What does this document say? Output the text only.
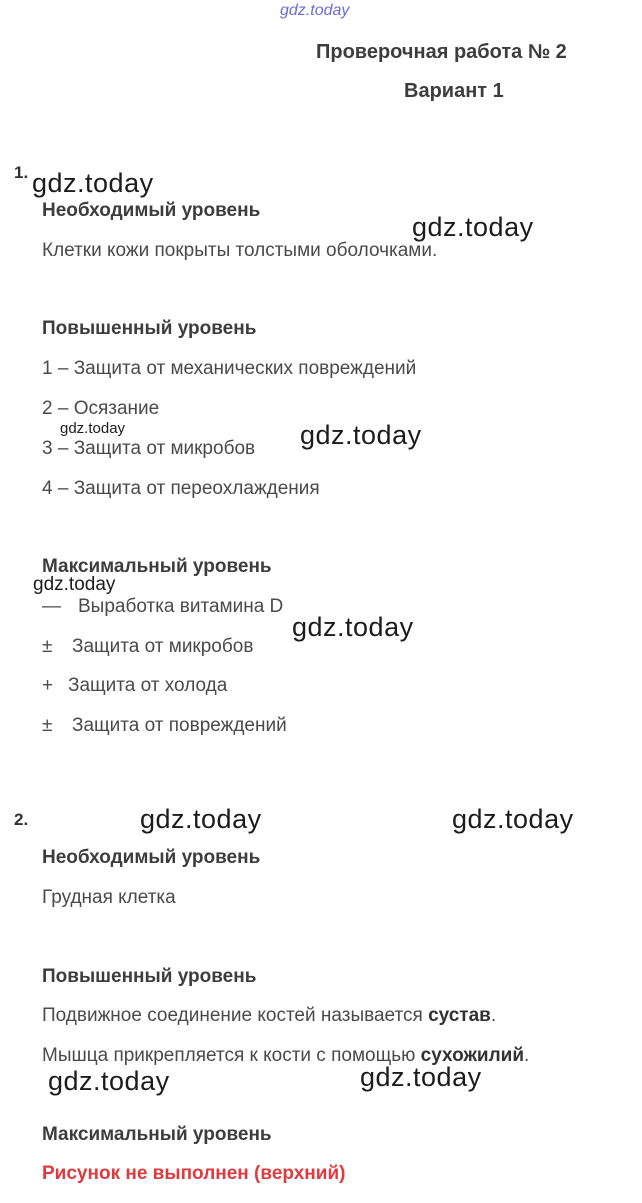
gdz.today
gdz.today
gdz.today
gdz.today	gdz.today
gdz.today
gdz.today
gdz.today	gdz.today
gdz.today	gdz.today
Проверочная работа № 2
Вариант 1
1.
Необходимый уровень
Клетки кожи покрыты толстыми оболочками.
Повышенный уровень
1 – Защита от механических повреждений
2 – Осязание
3 – Защита от микробов
4 – Защита от переохлаждения
Максимальный уровень
— Выработка витамина D
± Защита от микробов
+ Защита от холода
± Защита от повреждений
2.
Необходимый уровень
Грудная клетка
Повышенный уровень
Подвижное соединение костей называется сустав.
Мышца прикрепляется к кости с помощью сухожилий.
Максимальный уровень
Рисунок не выполнен (верхний)
